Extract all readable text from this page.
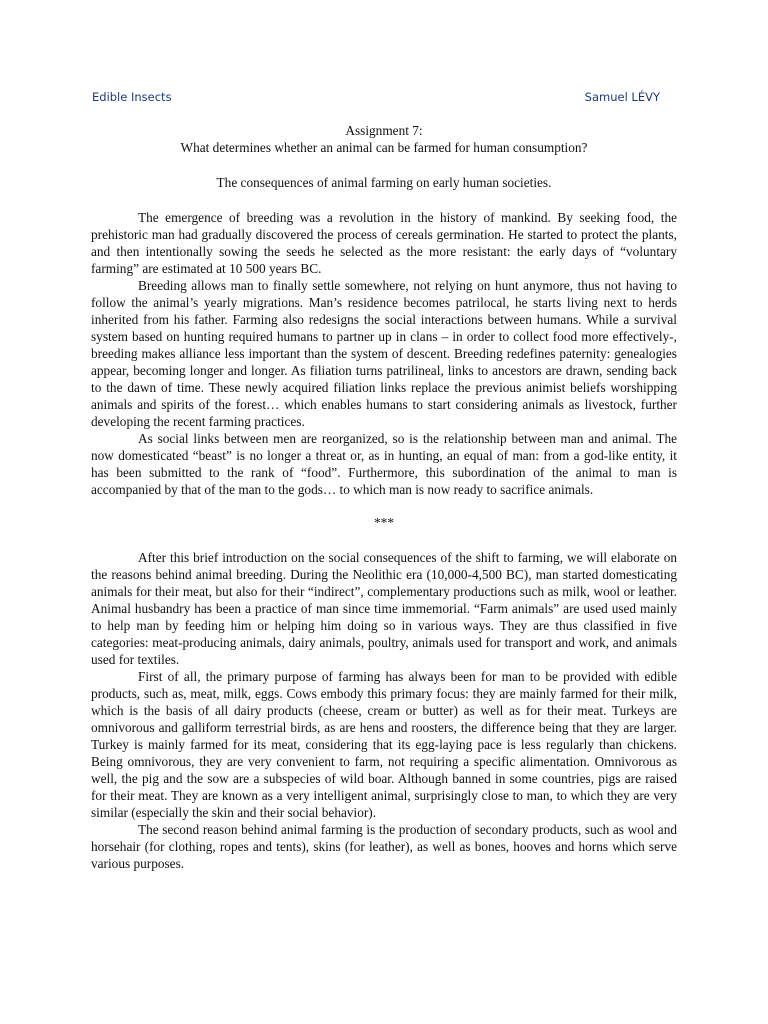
Edible Insects	Samuel LÉVY

Assignment 7:

What determines whether an animal can be farmed for human consumption?

The consequences of animal farming on early human societies.

The emergence of breeding was a revolution in the history of mankind. By seeking food, the prehistoric man had gradually discovered the process of cereals germination. He started to protect the plants, and then intentionally sowing the seeds he selected as the more resistant: the early days of “voluntary farming” are estimated at 10 500 years BC.

Breeding allows man to finally settle somewhere, not relying on hunt anymore, thus not having to follow the animal’s yearly migrations. Man’s residence becomes patrilocal, he starts living next to herds inherited from his father. Farming also redesigns the social interactions between humans. While a survival system based on hunting required humans to partner up in clans – in order to collect food more effectively-, breeding makes alliance less important than the system of descent. Breeding redefines paternity: genealogies appear, becoming longer and longer. As filiation turns patrilineal, links to ancestors are drawn, sending back to the dawn of time. These newly acquired filiation links replace the previous animist beliefs worshipping animals and spirits of the forest… which enables humans to start considering animals as livestock, further developing the recent farming practices.

As social links between men are reorganized, so is the relationship between man and animal. The now domesticated “beast” is no longer a threat or, as in hunting, an equal of man: from a god-like entity, it has been submitted to the rank of “food”. Furthermore, this subordination of the animal to man is accompanied by that of the man to the gods… to which man is now ready to sacrifice animals.

***

After this brief introduction on the social consequences of the shift to farming, we will elaborate on the reasons behind animal breeding. During the Neolithic era (10,000-4,500 BC), man started domesticating animals for their meat, but also for their “indirect”, complementary productions such as milk, wool or leather. Animal husbandry has been a practice of man since time immemorial. “Farm animals” are used used mainly to help man by feeding him or helping him doing so in various ways. They are thus classified in five categories: meat-producing animals, dairy animals, poultry, animals used for transport and work, and animals used for textiles.

First of all, the primary purpose of farming has always been for man to be provided with edible products, such as, meat, milk, eggs. Cows embody this primary focus: they are mainly farmed for their milk, which is the basis of all dairy products (cheese, cream or butter) as well as for their meat. Turkeys are omnivorous and galliform terrestrial birds, as are hens and roosters, the difference being that they are larger. Turkey is mainly farmed for its meat, considering that its egg-laying pace is less regularly than chickens. Being omnivorous, they are very convenient to farm, not requiring a specific alimentation. Omnivorous as well, the pig and the sow are a subspecies of wild boar. Although banned in some countries, pigs are raised for their meat. They are known as a very intelligent animal, surprisingly close to man, to which they are very similar (especially the skin and their social behavior).

The second reason behind animal farming is the production of secondary products, such as wool and horsehair (for clothing, ropes and tents), skins (for leather), as well as bones, hooves and horns which serve various purposes.
